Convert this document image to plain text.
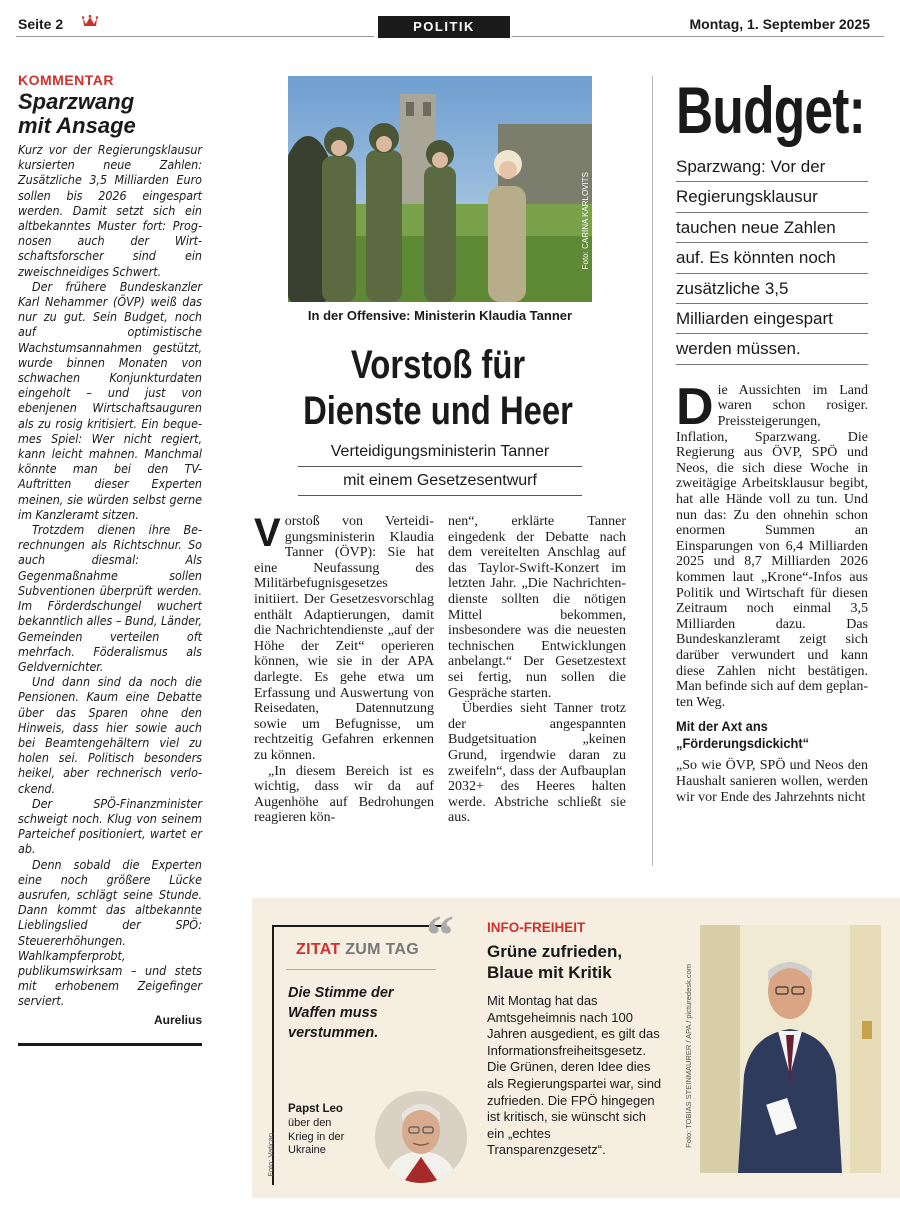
Seite 2	POLITIK	Montag, 1. September 2025
KOMMENTAR
Sparzwang
mit Ansage

Kurz vor der Regierungsklausur kursierten neue Zahlen: Zusätzliche 3,5 Milliarden Euro sollen bis 2026 eingespart werden. Damit setzt sich ein altbekanntes Muster fort: Prognosen auch der Wirtschaftsforscher sind ein zweischneidiges Schwert.

Der frühere Bundeskanzler Karl Nehammer (ÖVP) weiß das nur zu gut. Sein Budget, noch auf optimistische Wachstumsannahmen gestützt, wurde binnen Monaten von schwachen Konjunkturdaten eingeholt – und just von ebenjenen Wirtschaftsauguren als zu rosig kritisiert. Ein bequemes Spiel: Wer nicht regiert, kann leicht mahnen. Manchmal könnte man bei den TV-Auftritten dieser Experten meinen, sie würden selbst gerne im Kanzleramt sitzen.

Trotzdem dienen ihre Berechnungen als Richtschnur. So auch diesmal: Als Gegenmaßnahme sollen Subventionen überprüft werden. Im Förderdschungel wuchert bekanntlich alles – Bund, Länder, Gemeinden verteilen oft mehrfach. Föderalismus als Geldvernichter.

Und dann sind da noch die Pensionen. Kaum eine Debatte über das Sparen ohne den Hinweis, dass hier sowie auch bei Beamtengehältern viel zu holen sei. Politisch besonders heikel, aber rechnerisch verlockend.

Der SPÖ-Finanzminister schweigt noch. Klug von seinem Parteichef positioniert, wartet er ab.

Denn sobald die Experten eine noch größere Lücke ausrufen, schlägt seine Stunde. Dann kommt das altbekannte Lieblingslied der SPÖ: Steuererhöhungen. Wahlkampferprobt, publikumswirksam – und stets mit erhobenem Zeigefinger serviert.

Aurelius
Foto: CARINA KARLOVITS
In der Offensive: Ministerin Klaudia Tanner
Vorstoß für
Dienste und Heer
Verteidigungsministerin Tanner
mit einem Gesetzesentwurf

Vorstoß von Verteidigungsministerin Klaudia Tanner (ÖVP): Sie hat eine Neufassung des Militärbefugnisgesetzes initiiert. Der Gesetzesvorschlag enthält Adaptierungen, damit die Nachrichtendienste „auf der Höhe der Zeit“ operieren können, wie sie in der APA darlegte. Es gehe etwa um Erfassung und Auswertung von Reisedaten, Datennutzung sowie um Befugnisse, um rechtzeitig Gefahren erkennen zu können.

„In diesem Bereich ist es wichtig, dass wir da auf Augenhöhe auf Bedrohungen reagieren kön-

nen“, erklärte Tanner eingedenk der Debatte nach dem vereitelten Anschlag auf das Taylor-Swift-Konzert im letzten Jahr. „Die Nachrichtendienste sollten die nötigen Mittel bekommen, insbesondere was die neuesten technischen Entwicklungen anbelangt.“ Der Gesetzestext sei fertig, nun sollen die Gespräche starten.

Überdies sieht Tanner trotz der angespannten Budgetsituation „keinen Grund, irgendwie daran zu zweifeln“, dass der Aufbauplan 2032+ des Heeres halten werde. Abstriche schließt sie aus.

Budget:
Sparzwang: Vor der
Regierungsklausur
tauchen neue Zahlen
auf. Es könnten noch
zusätzliche 3,5
Milliarden eingespart
werden müssen.

Die Aussichten im Land waren schon rosiger. Preissteigerungen, Inflation, Sparzwang. Die Regierung aus ÖVP, SPÖ und Neos, die sich diese Woche in zweitägige Arbeitsklausur begibt, hat alle Hände voll zu tun. Und nun das: Zu den ohnehin schon enormen Summen an Einsparungen von 6,4 Milliarden 2025 und 8,7 Milliarden 2026 kommen laut „Krone“-Infos aus Politik und Wirtschaft für diesen Zeitraum noch einmal 3,5 Milliarden dazu. Das Bundeskanzleramt zeigt sich darüber verwundert und kann diese Zahlen nicht bestätigen. Man befinde sich auf dem geplanten Weg.

Mit der Axt ans
„Förderungsdickicht“

„So wie ÖVP, SPÖ und Neos den Haushalt sanieren wollen, werden wir vor Ende des Jahrzehnts nicht

ZITAT ZUM TAG
Die Stimme der Waffen muss verstummen.
Papst Leo
über den Krieg in der Ukraine
Foto: Vatican
“ INFO-FREIHEIT
Grüne zufrieden,
Blaue mit Kritik
Mit Montag hat das Amtsgeheimnis nach 100 Jahren ausgedient, es gilt das Informationsfreiheitsgesetz. Die Grünen, deren Idee dies als Regierungspartei war, sind zufrieden. Die FPÖ hingegen ist kritisch, sie wünscht sich ein „echtes Transparenzgesetz“.
Foto: TOBIAS STEINMAURER / APA / picturedesk.com
